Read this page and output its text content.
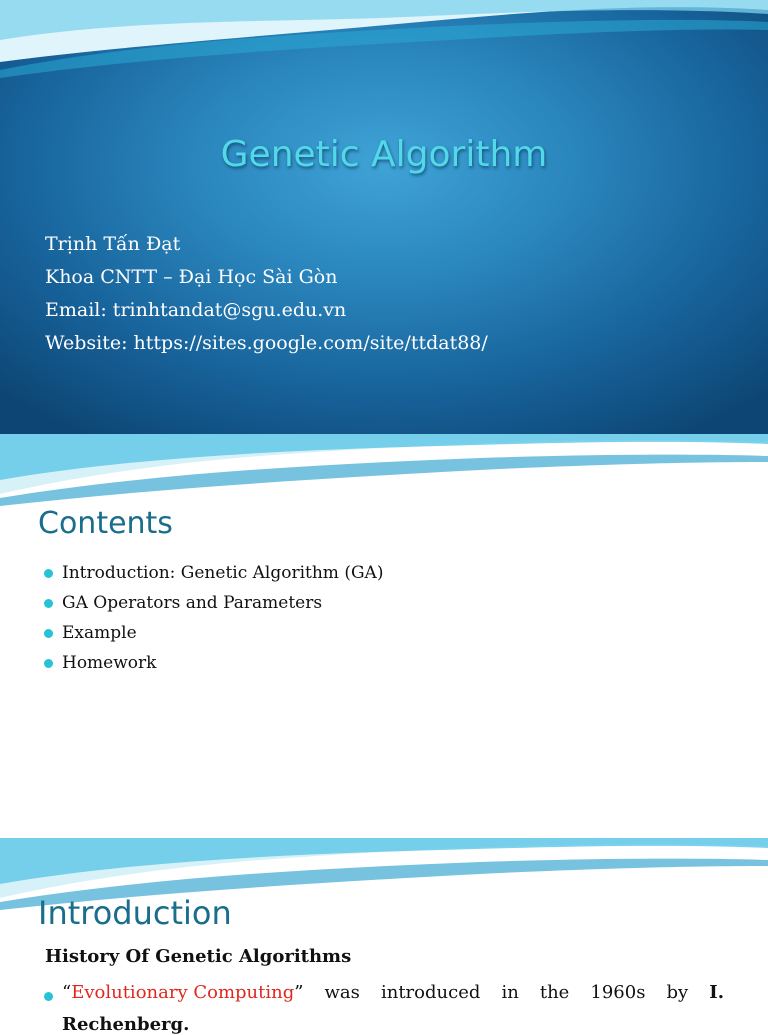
Genetic Algorithm
Trịnh Tấn Đạt
Khoa CNTT – Đại Học Sài Gòn
Email: trinhtandat@sgu.edu.vn
Website: https://sites.google.com/site/ttdat88/
Contents
Introduction: Genetic Algorithm (GA)
GA Operators and Parameters
Example
Homework
Introduction
History Of Genetic Algorithms
“Evolutionary Computing” was introduced in the 1960s by I.
Rechenberg.
